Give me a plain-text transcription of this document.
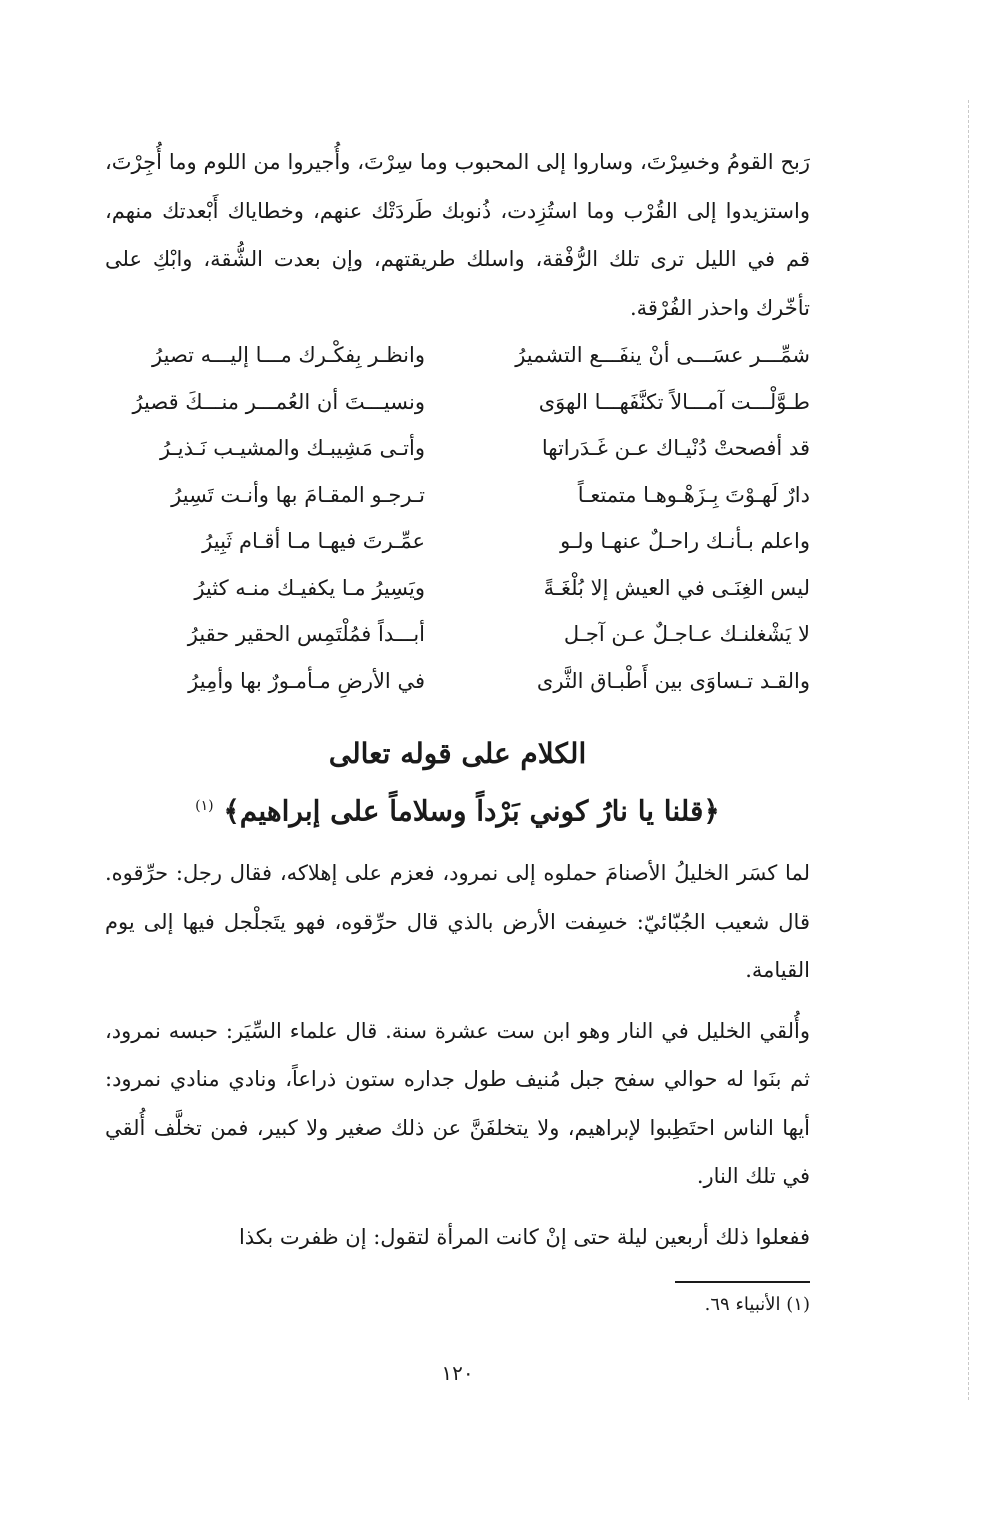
رَبح القومُ وخسِرْتَ، وساروا إلى المحبوب وما سِرْتَ، وأُجيروا من اللوم وما أُجِرْتَ، واستزيدوا إلى القُرْب وما استُزِدت، ذُنوبك طَردَتْك عنهم، وخطاياك أَبْعدتك منهم، قم في الليل ترى تلك الرُّفْقة، واسلك طريقتهم، وإن بعدت الشُّقة، وابْكِ على تأخّرك واحذر الفُرْقة.

شمِّـــر عسَـــى أنْ ينفَـــع التشميرُ
وانظـر بِفكْـرك مـــا إليـــه تصيرُ
طـوَّلْـــت آمـــالاً تكنَّفَهـــا الهوَى
ونسيـــتَ أن العُمـــر منـــكَ قصيرُ
قد أفصحتْ دُنْيـاك عـن غَـدَراتها
وأتـى مَشِيبـك والمشيـب نَـذيـرُ
دارٌ لَهـوْتَ بِـزَهْـوهـا متمتعـاً
تـرجـو المقـامَ بها وأنـت تَسِيرُ
واعلم بـأنـك راحـلٌ عنهـا ولـو
عمِّـرتَ فيهـا مـا أقـام ثَبِيرُ
ليس الغِنَـى في العيش إلا بُلْغَـةً
ويَسِيرُ مـا يكفيـك منـه كثيرُ
لا يَشْغلنـك عـاجـلٌ عـن آجـل
أبـــداً فمُلْتَمِس الحقير حقيرُ
والقـد تـساوَى بين أَطْبـاق الثَّرى
في الأرضِ مـأمـورٌ بها وأمِيرُ
الكلام على قوله تعالى
﴿قلنا يا نارُ كوني بَرْداً وسلاماً على إبراهيم﴾ $^{(١)}$

لما كسَر الخليلُ الأصنامَ حملوه إلى نمرود، فعزم على إهلاكه، فقال رجل: حرِّقوه. قال شعيب الجُبّائيّ: خسِفت الأرض بالذي قال حرِّقوه، فهو يتَجلْجل فيها إلى يوم القيامة.

وأُلقي الخليل في النار وهو ابن ست عشرة سنة. قال علماء السِّيَر: حبسه نمرود، ثم بنَوا له حوالي سفح جبل مُنيف طول جداره ستون ذراعاً، ونادي منادي نمرود: أيها الناس احتَطِبوا لإبراهيم، ولا يتخلفَنَّ عن ذلك صغير ولا كبير، فمن تخلَّف أُلقي في تلك النار.

ففعلوا ذلك أربعين ليلة حتى إنْ كانت المرأة لتقول: إن ظفرت بكذا

(١) الأنبياء ٦٩.

١٢٠
